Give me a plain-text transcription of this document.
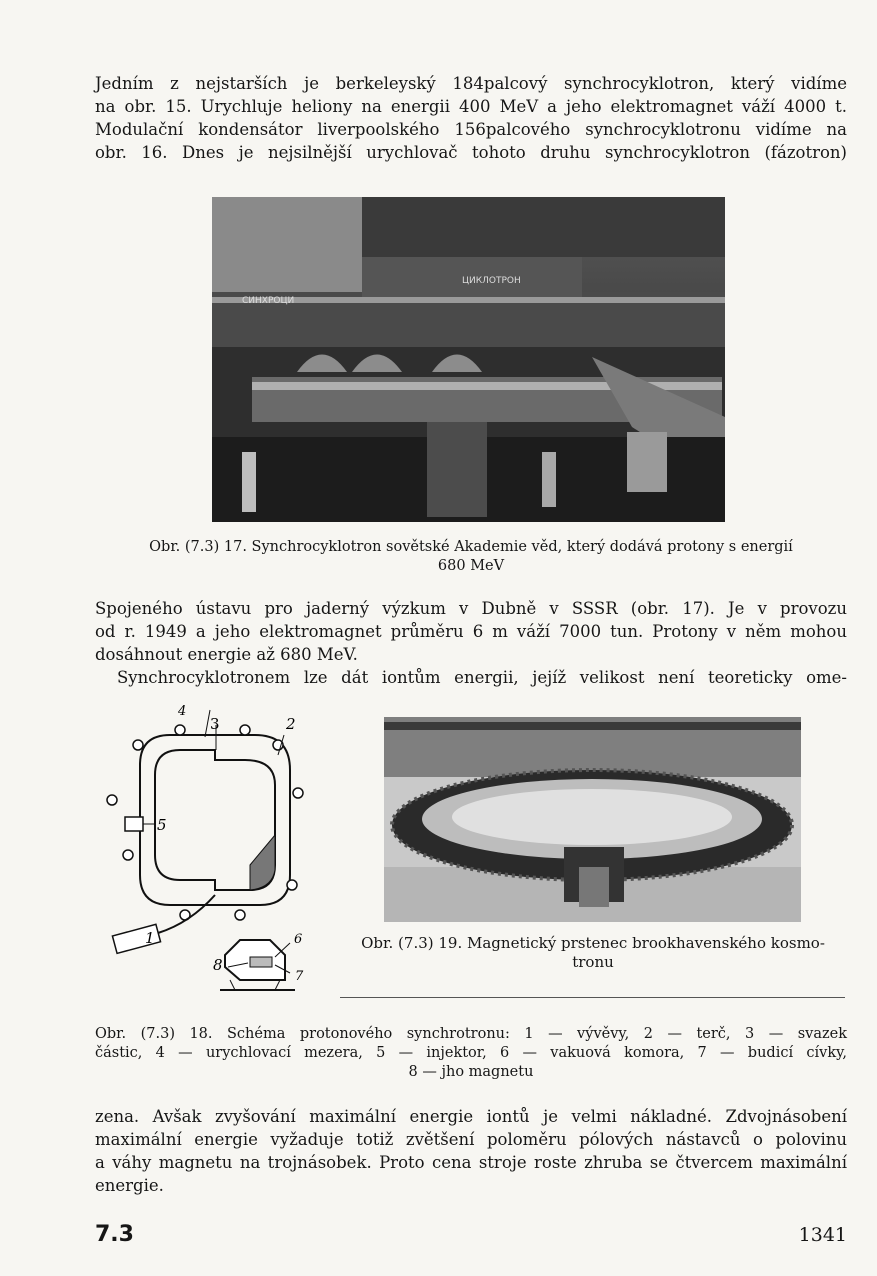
Jedním z nejstarších je berkeleyský 184palcový synchrocyklotron, který vidíme
na obr. 15. Urychluje heliony na energii 400 MeV a jeho elektromagnet váží 4000 t.
Modulační kondensátor liverpoolského 156palcového synchrocyklotronu vidíme na
obr. 16. Dnes je nejsilnější urychlovač tohoto druhu synchrocyklotron (fázotron)
СИНХРОЦИ
ЦИКЛОТРОН
Obr. (7.3) 17. Synchrocyklotron sovětské Akademie věd, který dodává protony s energií
680 MeV
Spojeného ústavu pro jaderný výzkum v Dubně v SSSR (obr. 17). Je v provozu
od r. 1949 a jeho elektromagnet průměru 6 m váží 7000 tun. Protony v něm mohou
dosáhnout energie až 680 MeV.
Synchrocyklotronem lze dát iontům energii, jejíž velikost není teoreticky ome-
1
2
3
4
5
6
7
8
Obr. (7.3) 19. Magnetický prstenec brookhavenského kosmo-
tronu
Obr. (7.3) 18. Schéma protonového synchrotronu: 1 — vývěvy, 2 — terč, 3 — svazek
částic, 4 — urychlovací mezera, 5 — injektor, 6 — vakuová komora, 7 — budicí cívky,
8 — jho magnetu
zena. Avšak zvyšování maximální energie iontů je velmi nákladné. Zdvojnásobení
maximální energie vyžaduje totiž zvětšení poloměru pólových nástavců o polovinu
a váhy magnetu na trojnásobek. Proto cena stroje roste zhruba se čtvercem maximální
energie.
7.3	1341
